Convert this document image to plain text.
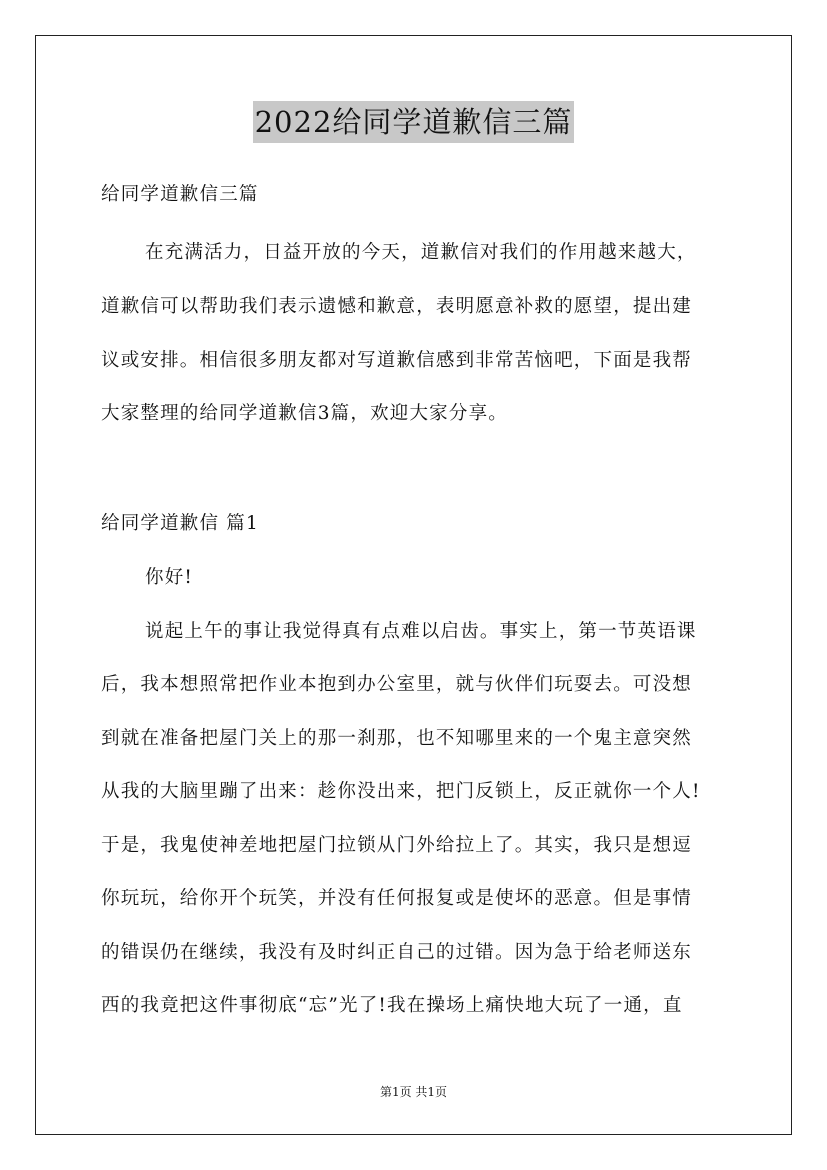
2022给同学道歉信三篇

给同学道歉信三篇

在充满活力，日益开放的今天，道歉信对我们的作用越来越大，

道歉信可以帮助我们表示遗憾和歉意，表明愿意补救的愿望，提出建

议或安排。相信很多朋友都对写道歉信感到非常苦恼吧，下面是我帮

大家整理的给同学道歉信3篇，欢迎大家分享。

给同学道歉信 篇1

你好!

说起上午的事让我觉得真有点难以启齿。事实上，第一节英语课

后，我本想照常把作业本抱到办公室里，就与伙伴们玩耍去。可没想

到就在准备把屋门关上的那一刹那，也不知哪里来的一个鬼主意突然

从我的大脑里蹦了出来：趁你没出来，把门反锁上，反正就你一个人!

于是，我鬼使神差地把屋门拉锁从门外给拉上了。其实，我只是想逗

你玩玩，给你开个玩笑，并没有任何报复或是使坏的恶意。但是事情

的错误仍在继续，我没有及时纠正自己的过错。因为急于给老师送东

西的我竟把这件事彻底“忘”光了!我在操场上痛快地大玩了一通，直

第1页 共1页
